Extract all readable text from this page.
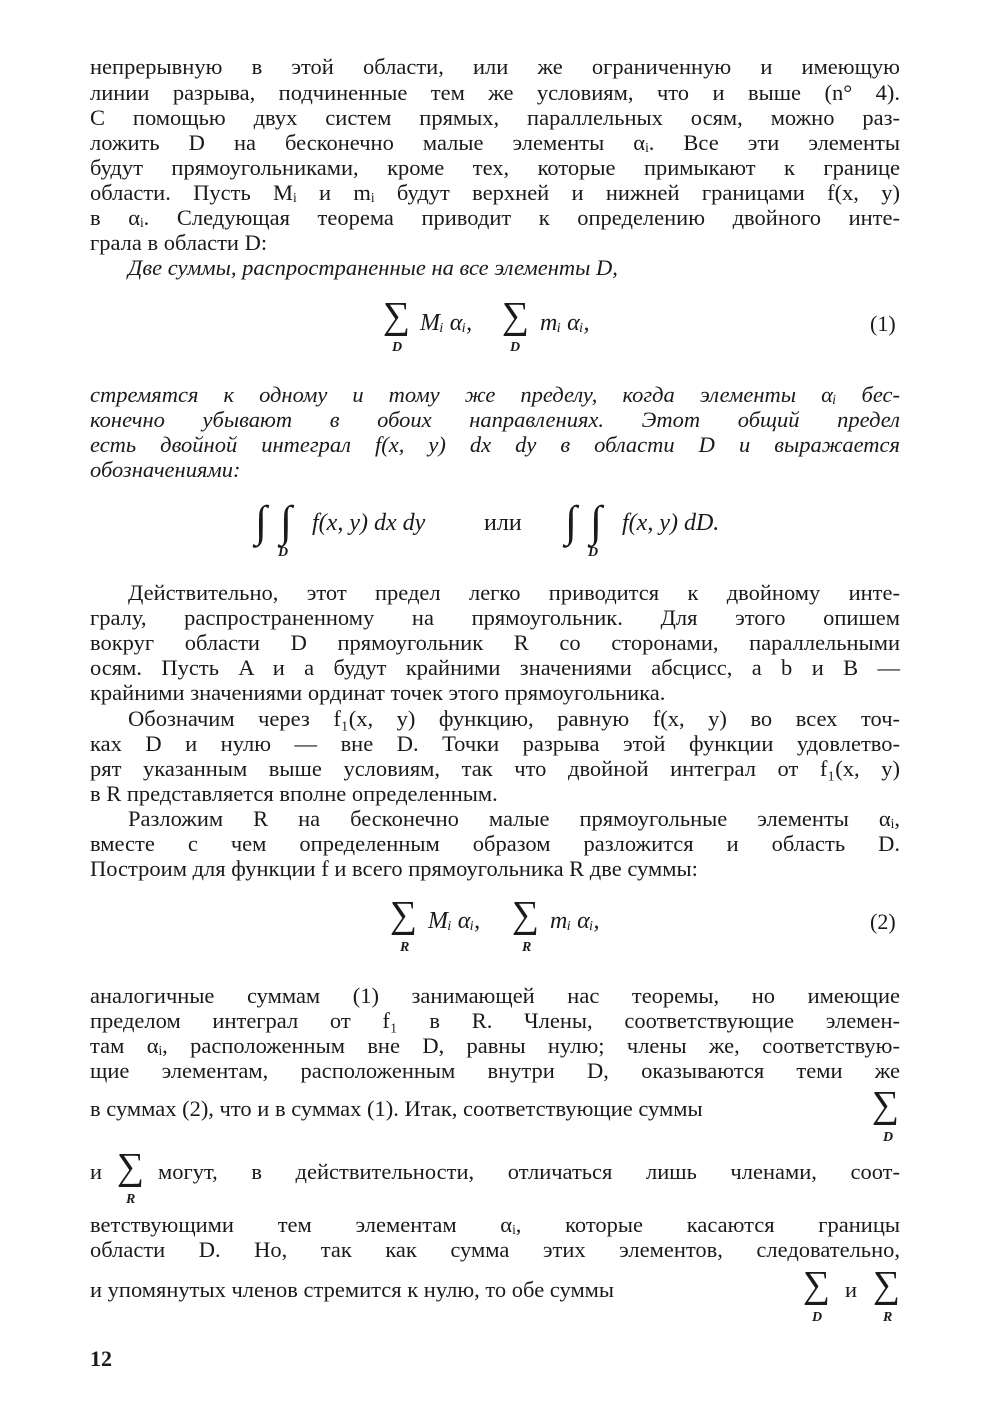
непрерывную в этой области, или же ограниченную и имеющую
линии разрыва, подчиненные тем же условиям, что и выше (n° 4).
С помощью двух систем прямых, параллельных осям, можно раз-
ложить D на бесконечно малые элементы αᵢ. Все эти элементы
будут прямоугольниками, кроме тех, которые примыкают к границе
области. Пусть Mᵢ и mᵢ будут верхней и нижней границами f(x, y)
в αᵢ. Следующая теорема приводит к определению двойного инте-
грала в области D:
Две суммы, распространенные на все элементы D,
∑
D
Mᵢ αᵢ, ∑
D
mᵢ αᵢ,	(1)
стремятся к одному и тому же пределу, когда элементы αᵢ бес-
конечно убывают в обоих направлениях. Этот общий предел
есть двойной интеграл f(x, y) dx dy в области D и выражается
обозначениями:
∫ ∫
D
f(x, y) dx dy или ∫ ∫
D
f(x, y) dD.
Действительно, этот предел легко приводится к двойному инте-
гралу, распространенному на прямоугольник. Для этого опишем
вокруг области D прямоугольник R со сторонами, параллельными
осям. Пусть A и a будут крайними значениями абсцисс, а b и B —
крайними значениями ординат точек этого прямоугольника.
Обозначим через f₁(x, y) функцию, равную f(x, y) во всех точ-
ках D и нулю — вне D. Точки разрыва этой функции удовлетво-
рят указанным выше условиям, так что двойной интеграл от f₁(x, y)
в R представляется вполне определенным.
Разложим R на бесконечно малые прямоугольные элементы αᵢ,
вместе с чем определенным образом разложится и область D.
Построим для функции f и всего прямоугольника R две суммы:
∑
R
Mᵢ αᵢ, ∑
R
mᵢ αᵢ,	(2)
аналогичные суммам (1) занимающей нас теоремы, но имеющие
пределом интеграл от f₁ в R. Члены, соответствующие элемен-
там αᵢ, расположенным вне D, равны нулю; члены же, соответствую-
щие элементам, расположенным внутри D, оказываются теми же
в суммах (2), что и в суммах (1). Итак, соответствующие суммы	∑
D
и ∑
R
могут, в действительности, отличаться лишь членами, соот-
ветствующими тем элементам αᵢ, которые касаются границы
области D. Но, так как сумма этих элементов, следовательно,
и упомянутых членов стремится к нулю, то обе суммы	∑
D
и ∑
R
12
